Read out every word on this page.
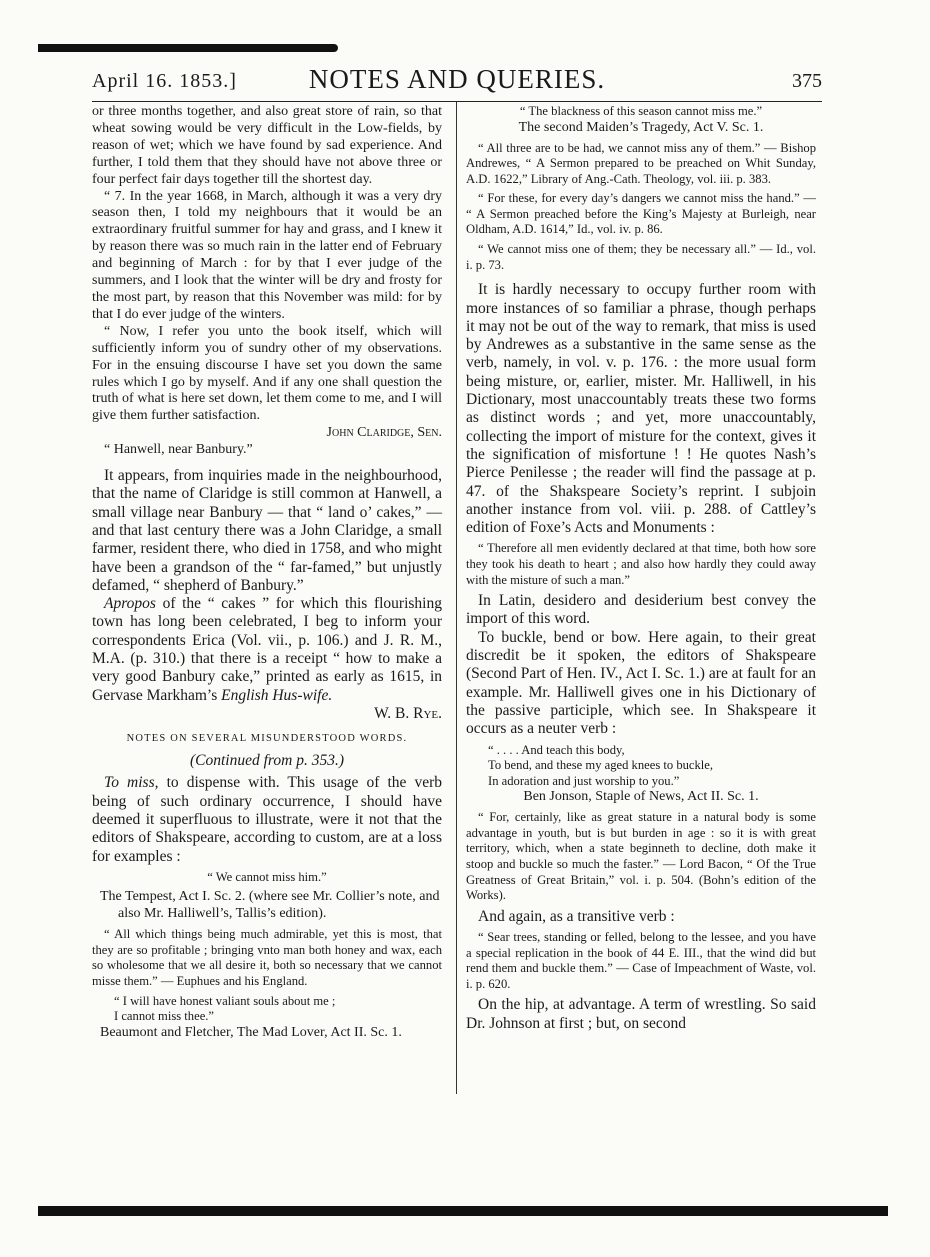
April 16. 1853.]	NOTES AND QUERIES.	375

or three months together, and also great store of rain, so that wheat sowing would be very difficult in the Low-fields, by reason of wet; which we have found by sad experience. And further, I told them that they should have not above three or four perfect fair days together till the shortest day.

“ 7. In the year 1668, in March, although it was a very dry season then, I told my neighbours that it would be an extraordinary fruitful summer for hay and grass, and I knew it by reason there was so much rain in the latter end of February and beginning of March : for by that I ever judge of the summers, and I look that the winter will be dry and frosty for the most part, by reason that this November was mild: for by that I do ever judge of the winters.

“ Now, I refer you unto the book itself, which will sufficiently inform you of sundry other of my observations. For in the ensuing discourse I have set you down the same rules which I go by myself. And if any one shall question the truth of what is here set down, let them come to me, and I will give them further satisfaction.

John Claridge, Sen.

“ Hanwell, near Banbury.”

It appears, from inquiries made in the neighbourhood, that the name of Claridge is still common at Hanwell, a small village near Banbury — that “ land o’ cakes,” — and that last century there was a John Claridge, a small farmer, resident there, who died in 1758, and who might have been a grandson of the “ far-famed,” but unjustly defamed, “ shepherd of Banbury.”

Apropos of the “ cakes ” for which this flourishing town has long been celebrated, I beg to inform your correspondents Erica (Vol. vii., p. 106.) and J. R. M., M.A. (p. 310.) that there is a receipt “ how to make a very good Banbury cake,” printed as early as 1615, in Gervase Markham’s English Hus-wife.

W. B. Rye.

NOTES ON SEVERAL MISUNDERSTOOD WORDS.

(Continued from p. 353.)

To miss, to dispense with. This usage of the verb being of such ordinary occurrence, I should have deemed it superfluous to illustrate, were it not that the editors of Shakspeare, according to custom, are at a loss for examples :

“ We cannot miss him.”

The Tempest, Act I. Sc. 2. (where see Mr. Collier’s note, and also Mr. Halliwell’s, Tallis’s edition).

“ All which things being much admirable, yet this is most, that they are so profitable ; bringing vnto man both honey and wax, each so wholesome that we all desire it, both so necessary that we cannot misse them.” — Euphues and his England.

“ I will have honest valiant souls about me ;

I cannot miss thee.”

Beaumont and Fletcher, The Mad Lover, Act II. Sc. 1.

“ The blackness of this season cannot miss me.”

The second Maiden’s Tragedy, Act V. Sc. 1.

“ All three are to be had, we cannot miss any of them.” — Bishop Andrewes, “ A Sermon prepared to be preached on Whit Sunday, A.D. 1622,” Library of Ang.-Cath. Theology, vol. iii. p. 383.

“ For these, for every day’s dangers we cannot miss the hand.” — “ A Sermon preached before the King’s Majesty at Burleigh, near Oldham, A.D. 1614,” Id., vol. iv. p. 86.

“ We cannot miss one of them; they be necessary all.” — Id., vol. i. p. 73.

It is hardly necessary to occupy further room with more instances of so familiar a phrase, though perhaps it may not be out of the way to remark, that miss is used by Andrewes as a substantive in the same sense as the verb, namely, in vol. v. p. 176. : the more usual form being misture, or, earlier, mister. Mr. Halliwell, in his Dictionary, most unaccountably treats these two forms as distinct words ; and yet, more unaccountably, collecting the import of misture for the context, gives it the signification of misfortune ! ! He quotes Nash’s Pierce Penilesse ; the reader will find the passage at p. 47. of the Shakspeare Society’s reprint. I subjoin another instance from vol. viii. p. 288. of Cattley’s edition of Foxe’s Acts and Monuments :

“ Therefore all men evidently declared at that time, both how sore they took his death to heart ; and also how hardly they could away with the misture of such a man.”

In Latin, desidero and desiderium best convey the import of this word.

To buckle, bend or bow. Here again, to their great discredit be it spoken, the editors of Shakspeare (Second Part of Hen. IV., Act I. Sc. 1.) are at fault for an example. Mr. Halliwell gives one in his Dictionary of the passive participle, which see. In Shakspeare it occurs as a neuter verb :

“ . . . . And teach this body,

To bend, and these my aged knees to buckle,

In adoration and just worship to you.”

Ben Jonson, Staple of News, Act II. Sc. 1.

“ For, certainly, like as great stature in a natural body is some advantage in youth, but is but burden in age : so it is with great territory, which, when a state beginneth to decline, doth make it stoop and buckle so much the faster.” — Lord Bacon, “ Of the True Greatness of Great Britain,” vol. i. p. 504. (Bohn’s edition of the Works).

And again, as a transitive verb :

“ Sear trees, standing or felled, belong to the lessee, and you have a special replication in the book of 44 E. III., that the wind did but rend them and buckle them.” — Case of Impeachment of Waste, vol. i. p. 620.

On the hip, at advantage. A term of wrestling. So said Dr. Johnson at first ; but, on second
